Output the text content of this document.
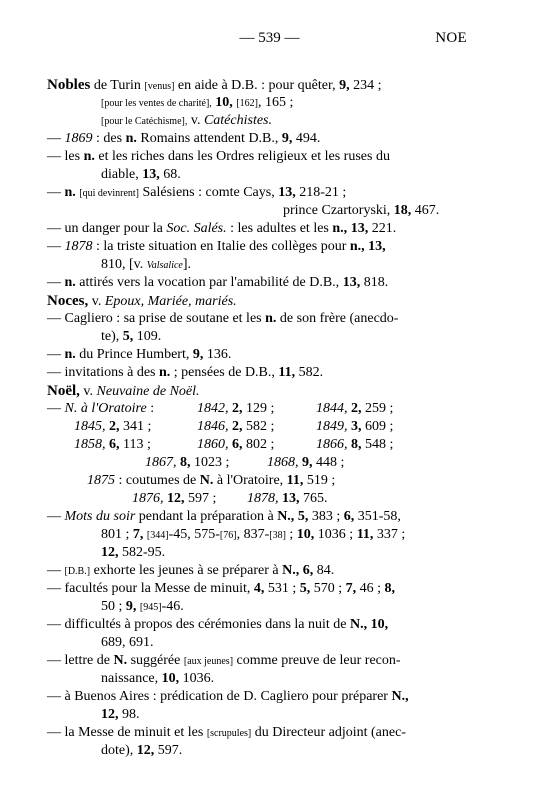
— 539 —	NOE
Nobles de Turin [venus] en aide à D.B. : pour quêter, 9, 234 ;
[pour les ventes de charité], 10, [162], 165 ;
[pour le Catéchisme], v. Catéchistes.
— 1869 : des n. Romains attendent D.B., 9, 494.
— les n. et les riches dans les Ordres religieux et les ruses du
diable, 13, 68.
— n. [qui devinrent] Salésiens : comte Cays, 13, 218-21 ;
prince Czartoryski, 18, 467.
— un danger pour la Soc. Salés. : les adultes et les n., 13, 221.
— 1878 : la triste situation en Italie des collèges pour n., 13,
810, [v. Valsalice].
— n. attirés vers la vocation par l'amabilité de D.B., 13, 818.
Noces, v. Epoux, Mariée, mariés.
— Cagliero : sa prise de soutane et les n. de son frère (anecdo-
te), 5, 109.
— n. du Prince Humbert, 9, 136.
— invitations à des n. ; pensées de D.B., 11, 582.
Noël, v. Neuvaine de Noël.
— N. à l'Oratoire :	1842, 2, 129 ;	1844, 2, 259 ;
1845, 2, 341 ;	1846, 2, 582 ;	1849, 3, 609 ;
1858, 6, 113 ;	1860, 6, 802 ;	1866, 8, 548 ;
1867, 8, 1023 ;	1868, 9, 448 ;
1875 : coutumes de N. à l'Oratoire, 11, 519 ;
1876, 12, 597 ; 1878, 13, 765.
— Mots du soir pendant la préparation à N., 5, 383 ; 6, 351-58,
801 ; 7, [344]-45, 575-[76], 837-[38] ; 10, 1036 ; 11, 337 ;
12, 582-95.
— [D.B.] exhorte les jeunes à se préparer à N., 6, 84.
— facultés pour la Messe de minuit, 4, 531 ; 5, 570 ; 7, 46 ; 8,
50 ; 9, [945]-46.
— difficultés à propos des cérémonies dans la nuit de N., 10,
689, 691.
— lettre de N. suggérée [aux jeunes] comme preuve de leur recon-
naissance, 10, 1036.
— à Buenos Aires : prédication de D. Cagliero pour préparer N.,
12, 98.
— la Messe de minuit et les [scrupules] du Directeur adjoint (anec-
dote), 12, 597.
